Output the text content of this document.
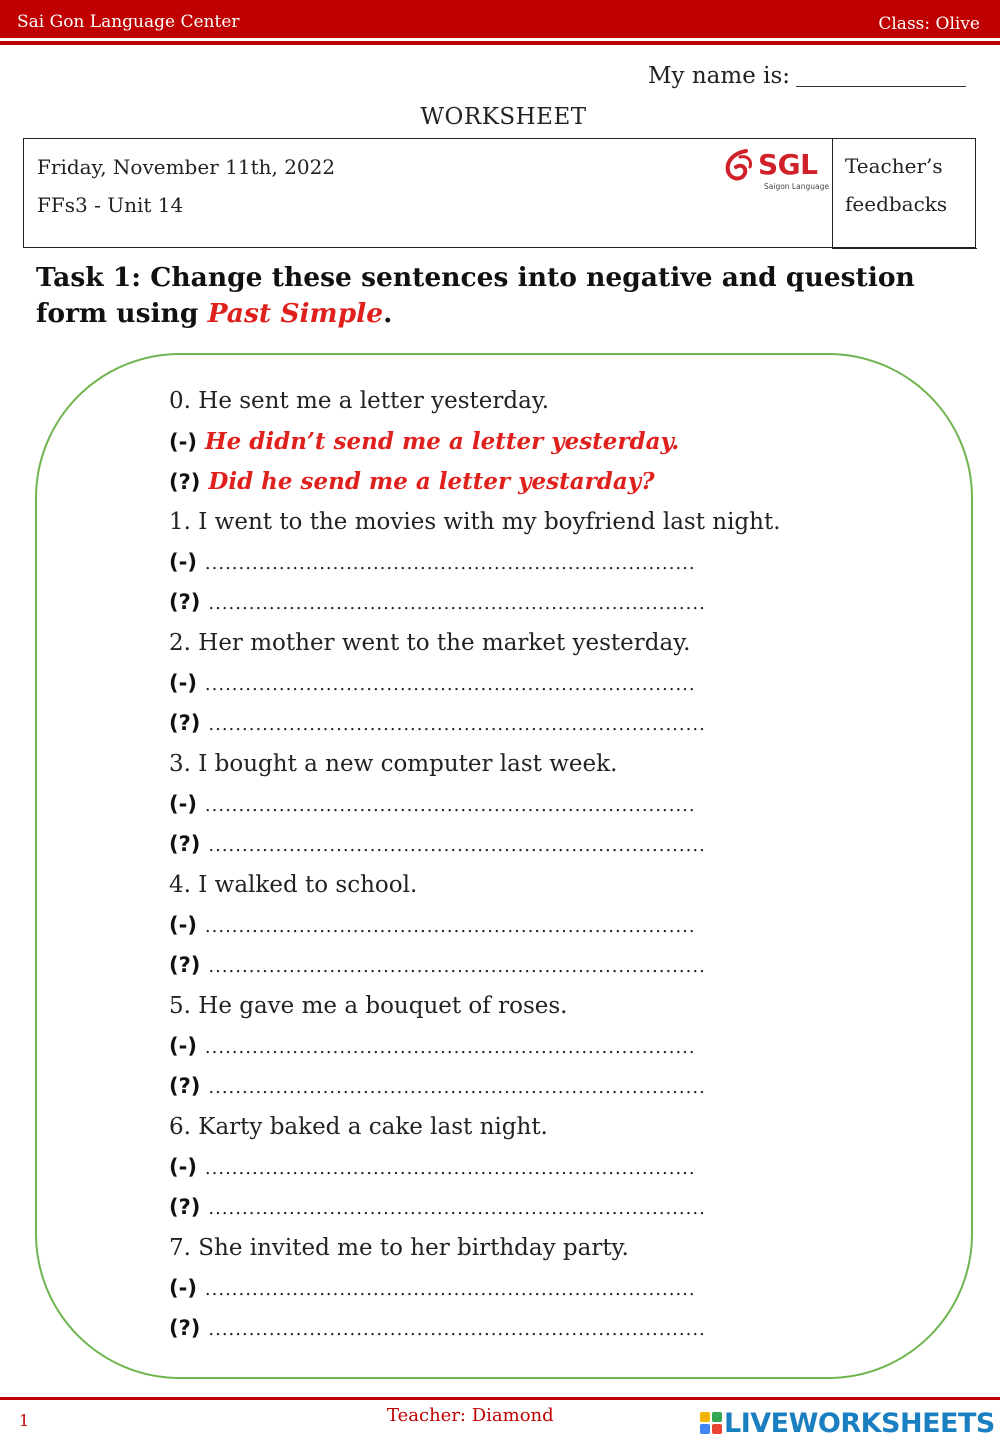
Sai Gon Language Center	Class: Olive
My name is:
WORKSHEET
Friday, November 11th, 2022
FFs3 - Unit 14
SGL
Saigon Language
Teacher’s
feedbacks
Task 1: Change these sentences into negative and question form using Past Simple.
0. He sent me a letter yesterday.
(-) He didn’t send me a letter yesterday.
(?) Did he send me a letter yestarday?
1. I went to the movies with my boyfriend last night.
(-) .........................................................................
(?) ..........................................................................
2. Her mother went to the market yesterday.
(-) .........................................................................
(?) ..........................................................................
3. I bought a new computer last week.
(-) .........................................................................
(?) ..........................................................................
4. I walked to school.
(-) .........................................................................
(?) ..........................................................................
5. He gave me a bouquet of roses.
(-) .........................................................................
(?) ..........................................................................
6. Karty baked a cake last night.
(-) .........................................................................
(?) ..........................................................................
7. She invited me to her birthday party.
(-) .........................................................................
(?) ..........................................................................
1	Teacher: Diamond	LIVEWORKSHEETS
